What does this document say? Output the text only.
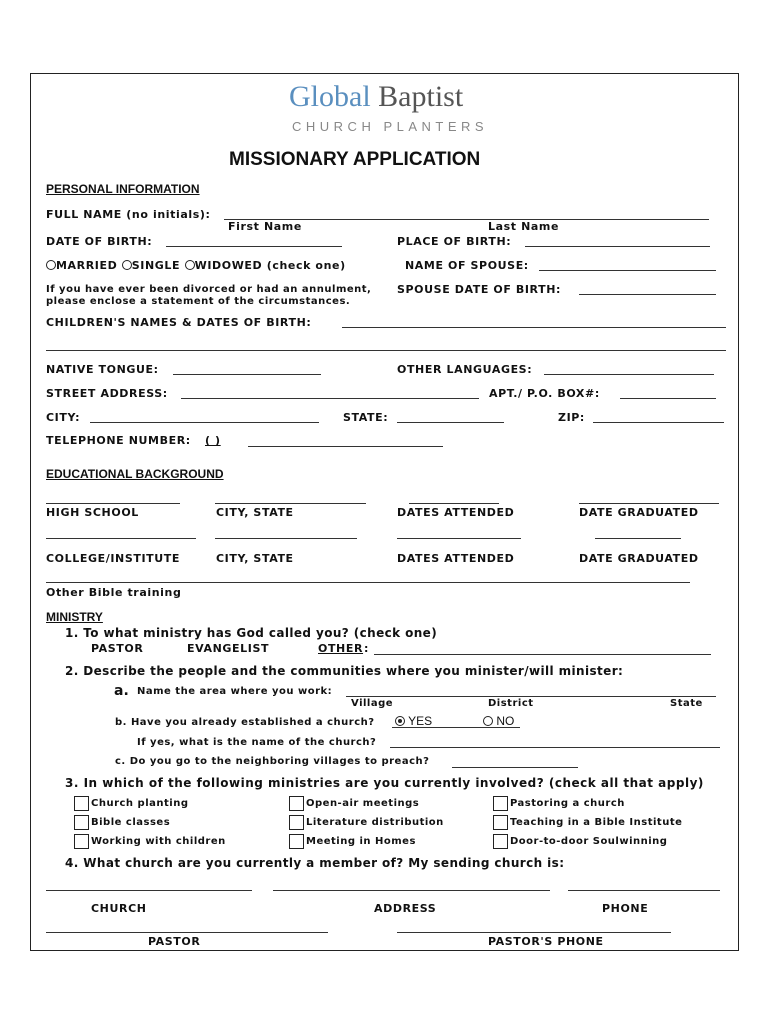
Global Baptist
CHURCH PLANTERS
MISSIONARY APPLICATION
PERSONAL INFORMATION
FULL NAME (no initials):
First Name	Last Name
DATE OF BIRTH:	PLACE OF BIRTH:
MARRIED SINGLE WIDOWED (check one)	NAME OF SPOUSE:
If you have ever been divorced or had an annulment,
please enclose a statement of the circumstances.
SPOUSE DATE OF BIRTH:
CHILDREN'S NAMES & DATES OF BIRTH:
NATIVE TONGUE:	OTHER LANGUAGES:
STREET ADDRESS:	APT./ P.O. BOX#:
CITY:	STATE:	ZIP:
TELEPHONE NUMBER: ( )
EDUCATIONAL BACKGROUND
HIGH SCHOOL	CITY, STATE	DATES ATTENDED	DATE GRADUATED
COLLEGE/INSTITUTE	CITY, STATE	DATES ATTENDED	DATE GRADUATED
Other Bible training
MINISTRY
1. To what ministry has God called you? (check one)
PASTOR	EVANGELIST	OTHER :
2. Describe the people and the communities where you minister/will minister:
a. Name the area where you work:
Village	District	State
b. Have you already established a church?	YES	NO
If yes, what is the name of the church?
c. Do you go to the neighboring villages to preach?
3. In which of the following ministries are you currently involved? (check all that apply)
Church planting	Open-air meetings	Pastoring a church
Bible classes	Literature distribution	Teaching in a Bible Institute
Working with children	Meeting in Homes	Door-to-door Soulwinning
4. What church are you currently a member of? My sending church is:
CHURCH	ADDRESS	PHONE
PASTOR	PASTOR'S PHONE
